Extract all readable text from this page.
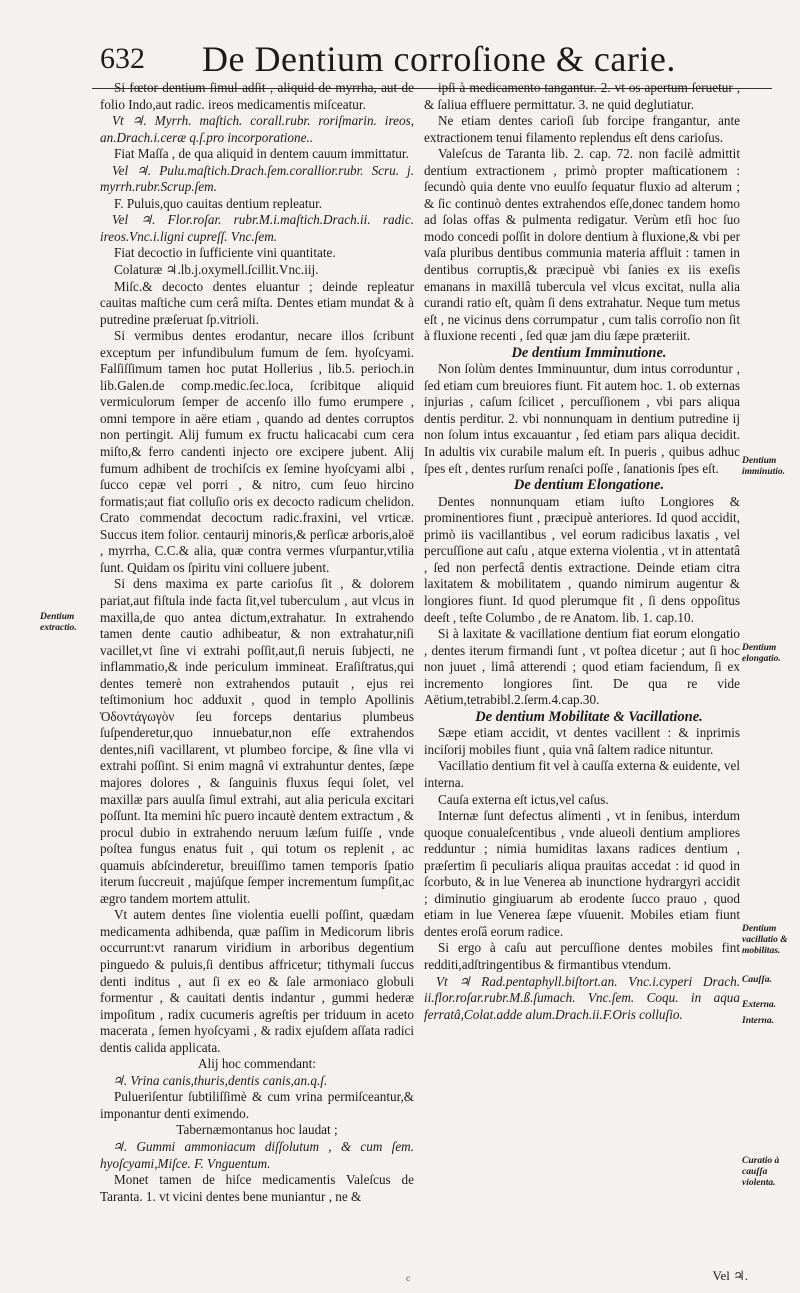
632 De Dentium corroſione & carie.

Si fœtor dentium ſimul adſit , aliquid de myrrha, aut de folio Indo,aut radic. ireos medicamentis miſceatur.

Vt ♃. Myrrh. maſtich. corall.rubr. roriſmarin. ireos, an.Drach.i.ceræ q.ſ.pro incorporatione..

Fiat Maſſa , de qua aliquid in dentem cauum immittatur.

Vel ♃. Pulu.maſtich.Drach.ſem.corallior.rubr. Scru. j. myrrh.rubr.Scrup.ſem.

F. Puluis,quo cauitas dentium repleatur.

Vel ♃. Flor.roſar. rubr.M.i.maſtich.Drach.ii. radic. ireos.Vnc.i.ligni cupreſſ. Vnc.ſem.

Fiat decoctio in ſufficiente vini quantitate.

Colaturæ ♃.lb.j.oxymell.ſcillit.Vnc.iij.

Miſc.& decocto dentes eluantur ; deinde repleatur cauitas maſtiche cum cerâ miſta. Dentes etiam mundat & à putredine præſeruat ſp.vitrioli.

Si vermibus dentes erodantur, necare illos ſcribunt exceptum per infundibulum fumum de ſem. hyoſcyami. Falſiſſimum tamen hoc putat Hollerius , lib.5. perioch.in lib.Galen.de comp.medic.ſec.loca, ſcribitque aliquid vermiculorum ſemper de accenſo illo fumo erumpere , omni tempore in aëre etiam , quando ad dentes corruptos non pertingit. Alij fumum ex fructu halicacabi cum cera miſto,& ferro candenti injecto ore excipere jubent. Alij fumum adhibent de trochiſcis ex ſemine hyoſcyami albi , ſucco cepæ vel porri , & nitro, cum ſeuo hircino formatis;aut fiat colluſio oris ex decocto radicum chelidon. Crato commendat decoctum radic.fraxini, vel vrticæ. Succus item folior. centaurij minoris,& perſicæ arboris,aloë , myrrha, C.C.& alia, quæ contra vermes vſurpantur,vtilia ſunt. Quidam os ſpiritu vini colluere jubent.

Si dens maxima ex parte carioſus ſit , & dolorem pariat,aut fiſtula inde facta ſit,vel tuberculum , aut vlcus in maxilla,de quo antea dictum,extrahatur. In extrahendo tamen dente cautio adhibeatur, & non extrahatur,niſi vacillet,vt ſine vi extrahi poſſit,aut,ſi neruis ſubjecti, ne inflammatio,& inde periculum immineat. Eraſiſtratus,qui dentes temerè non extrahendos putauit , ejus rei teſtimonium hoc adduxit , quod in templo Apollinis Ὀδοντάγωγὸν ſeu forceps dentarius plumbeus ſuſpenderetur,quo innuebatur,non eſſe extrahendos dentes,niſi vacillarent, vt plumbeo forcipe, & ſine vlla vi extrahi poſſint. Si enim magnâ vi extrahuntur dentes, ſæpe majores dolores , & ſanguinis fluxus ſequi ſolet, vel maxillæ pars auulſa ſimul extrahi, aut alia pericula excitari poſſunt. Ita memini hîc puero incautè dentem extractum , & procul dubio in extrahendo neruum læſum fuiſſe , vnde poſtea fungus enatus fuit , qui totum os replenit , ac quamuis abſcinderetur, breuiſſimo tamen temporis ſpatio iterum ſuccreuit , majúſque ſemper incrementum ſumpſit,ac ægro tandem mortem attulit.

Vt autem dentes ſine violentia euelli poſſint, quædam medicamenta adhibenda, quæ paſſim in Medicorum libris occurrunt:vt ranarum viridium in arboribus degentium pinguedo & puluis,ſi dentibus affricetur; tithymali ſuccus denti inditus , aut ſi ex eo & ſale armoniaco globuli formentur , & cauitati dentis indantur , gummi hederæ impoſitum , radix cucumeris agreſtis per triduum in aceto macerata , ſemen hyoſcyami , & radix ejuſdem aſſata radici dentis calida applicata.

Alij hoc commendant:

♃. Vrina canis,thuris,dentis canis,an.q.ſ.

Pulueriſentur ſubtiliſſimè & cum vrina permiſceantur,& imponantur denti eximendo.

Tabernæmontanus hoc laudat ;

♃. Gummi ammoniacum diſſolutum , & cum ſem. hyoſcyami,Miſce. F. Vnguentum.

Monet tamen de hiſce medicamentis Valeſcus de Taranta. 1. vt vicini dentes bene muniantur , ne &

ipſi à medicamento tangantur. 2. vt os apertum ſeruetur , & ſaliua effluere permittatur. 3. ne quid deglutiatur.

Ne etiam dentes carioſi ſub forcipe frangantur, ante extractionem tenui filamento replendus eſt dens carioſus.

Valeſcus de Taranta lib. 2. cap. 72. non facilè admittit dentium extractionem , primò propter maſticationem : ſecundò quia dente vno euulſo ſequatur fluxio ad alterum ; & ſic continuò dentes extrahendos eſſe,donec tandem homo ad ſolas offas & pulmenta redigatur. Verùm etſi hoc ſuo modo concedi poſſit in dolore dentium à fluxione,& vbi per vaſa pluribus dentibus communia materia affluit : tamen in dentibus corruptis,& præcipuè vbi ſanies ex iis exeſis emanans in maxillâ tubercula vel vlcus excitat, nulla alia curandi ratio eſt, quàm ſi dens extrahatur. Neque tum metus eſt , ne vicinus dens corrumpatur , cum talis corroſio non ſit à fluxione recenti , ſed quæ jam diu ſæpe præteriit.

De dentium Imminutione.

Non ſolùm dentes Imminuuntur, dum intus corroduntur , ſed etiam cum breuiores fiunt. Fit autem hoc. 1. ob externas injurias , caſum ſcilicet , percuſſionem , vbi pars aliqua dentis perditur. 2. vbi nonnunquam in dentium putredine ij non ſolum intus excauantur , ſed etiam pars aliqua decidit. In adultis vix curabile malum eſt. In pueris , quibus adhuc ſpes eſt , dentes rurſum renaſci poſſe , ſanationis ſpes eſt.

De dentium Elongatione.

Dentes nonnunquam etiam iuſto Longiores & prominentiores fiunt , præcipuè anteriores. Id quod accidit, primò iis vacillantibus , vel eorum radicibus laxatis , vel percuſſione aut caſu , atque externa violentia , vt in attentatâ , ſed non perfectâ dentis extractione. Deinde etiam citra laxitatem & mobilitatem , quando nimirum augentur & longiores fiunt. Id quod plerumque fit , ſi dens oppoſitus deeſt , teſte Columbo , de re Anatom. lib. 1. cap.10.

Si à laxitate & vacillatione dentium fiat eorum elongatio , dentes iterum firmandi ſunt , vt poſtea dicetur ; aut ſi hoc non juuet , limâ atterendi ; quod etiam faciendum, ſi ex incremento longiores ſint. De qua re vide Aëtium,tetrabibl.2.ſerm.4.cap.30.

De dentium Mobilitate & Vacillatione.

Sæpe etiam accidit, vt dentes vacillent : & inprimis inciſorij mobiles fiunt , quia vnâ ſaltem radice nituntur.

Vacillatio dentium fit vel à cauſſa externa & euidente, vel interna.

Cauſa externa eſt ictus,vel caſus.

Internæ ſunt defectus alimenti , vt in ſenibus, interdum quoque conualeſcentibus , vnde alueoli dentium ampliores redduntur ; nimia humiditas laxans radices dentium , præſertim ſi peculiaris aliqua prauitas accedat : id quod in ſcorbuto, & in lue Venerea ab inunctione hydrargyri accidit ; diminutio gingiuarum ab erodente ſucco prauo , quod etiam in lue Venerea ſæpe vſuuenit. Mobiles etiam fiunt dentes eroſâ eorum radice.

Si ergo à caſu aut percuſſione dentes mobiles fint redditi,adſtringentibus & firmantibus vtendum.

Vt ♃ Rad.pentaphyll.biſtort.an. Vnc.i.cyperi Drach. ii.flor.roſar.rubr.M.ß.ſumach. Vnc.ſem. Coqu. in aqua ferratâ,Colat.adde alum.Drach.ii.F.Oris colluſio.

Dentium extractio.
Dentium imminutio.
Dentium elongatio.
Dentium vacillatio & mobilitas.
Cauſſa.
Externa.
Interna.
Curatio à cauſſa violenta.
Vel ♃.
c
